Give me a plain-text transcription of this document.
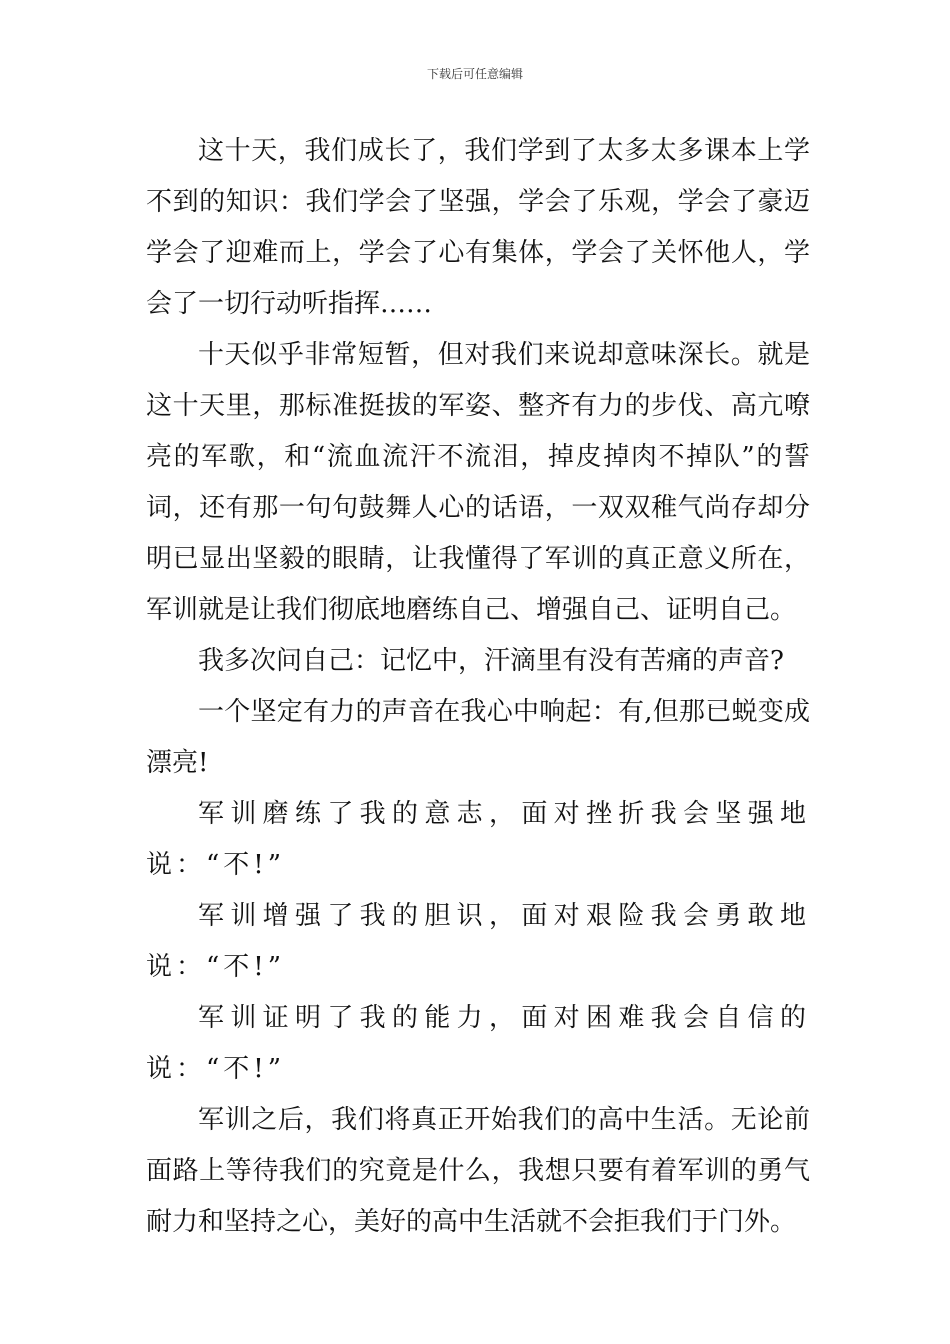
下载后可任意编辑

这十天，我们成长了，我们学到了太多太多课本上学不到的知识：我们学会了坚强，学会了乐观，学会了豪迈学会了迎难而上，学会了心有集体，学会了关怀他人，学会了一切行动听指挥……

十天似乎非常短暂，但对我们来说却意味深长。就是这十天里，那标准挺拔的军姿、整齐有力的步伐、高亢嘹亮的军歌，和“流血流汗不流泪，掉皮掉肉不掉队”的誓词，还有那一句句鼓舞人心的话语，一双双稚气尚存却分明已显出坚毅的眼睛，让我懂得了军训的真正意义所在，军训就是让我们彻底地磨练自己、增强自己、证明自己。

我多次问自己：记忆中，汗滴里有没有苦痛的声音?

一个坚定有力的声音在我心中响起：有,但那已蜕变成漂亮!

军训磨练了我的意志，面对挫折我会坚强地说：“不!”

军训增强了我的胆识，面对艰险我会勇敢地说：“不!”

军训证明了我的能力，面对困难我会自信的说：“不!”

军训之后，我们将真正开始我们的高中生活。无论前面路上等待我们的究竟是什么，我想只要有着军训的勇气耐力和坚持之心，美好的高中生活就不会拒我们于门外。
